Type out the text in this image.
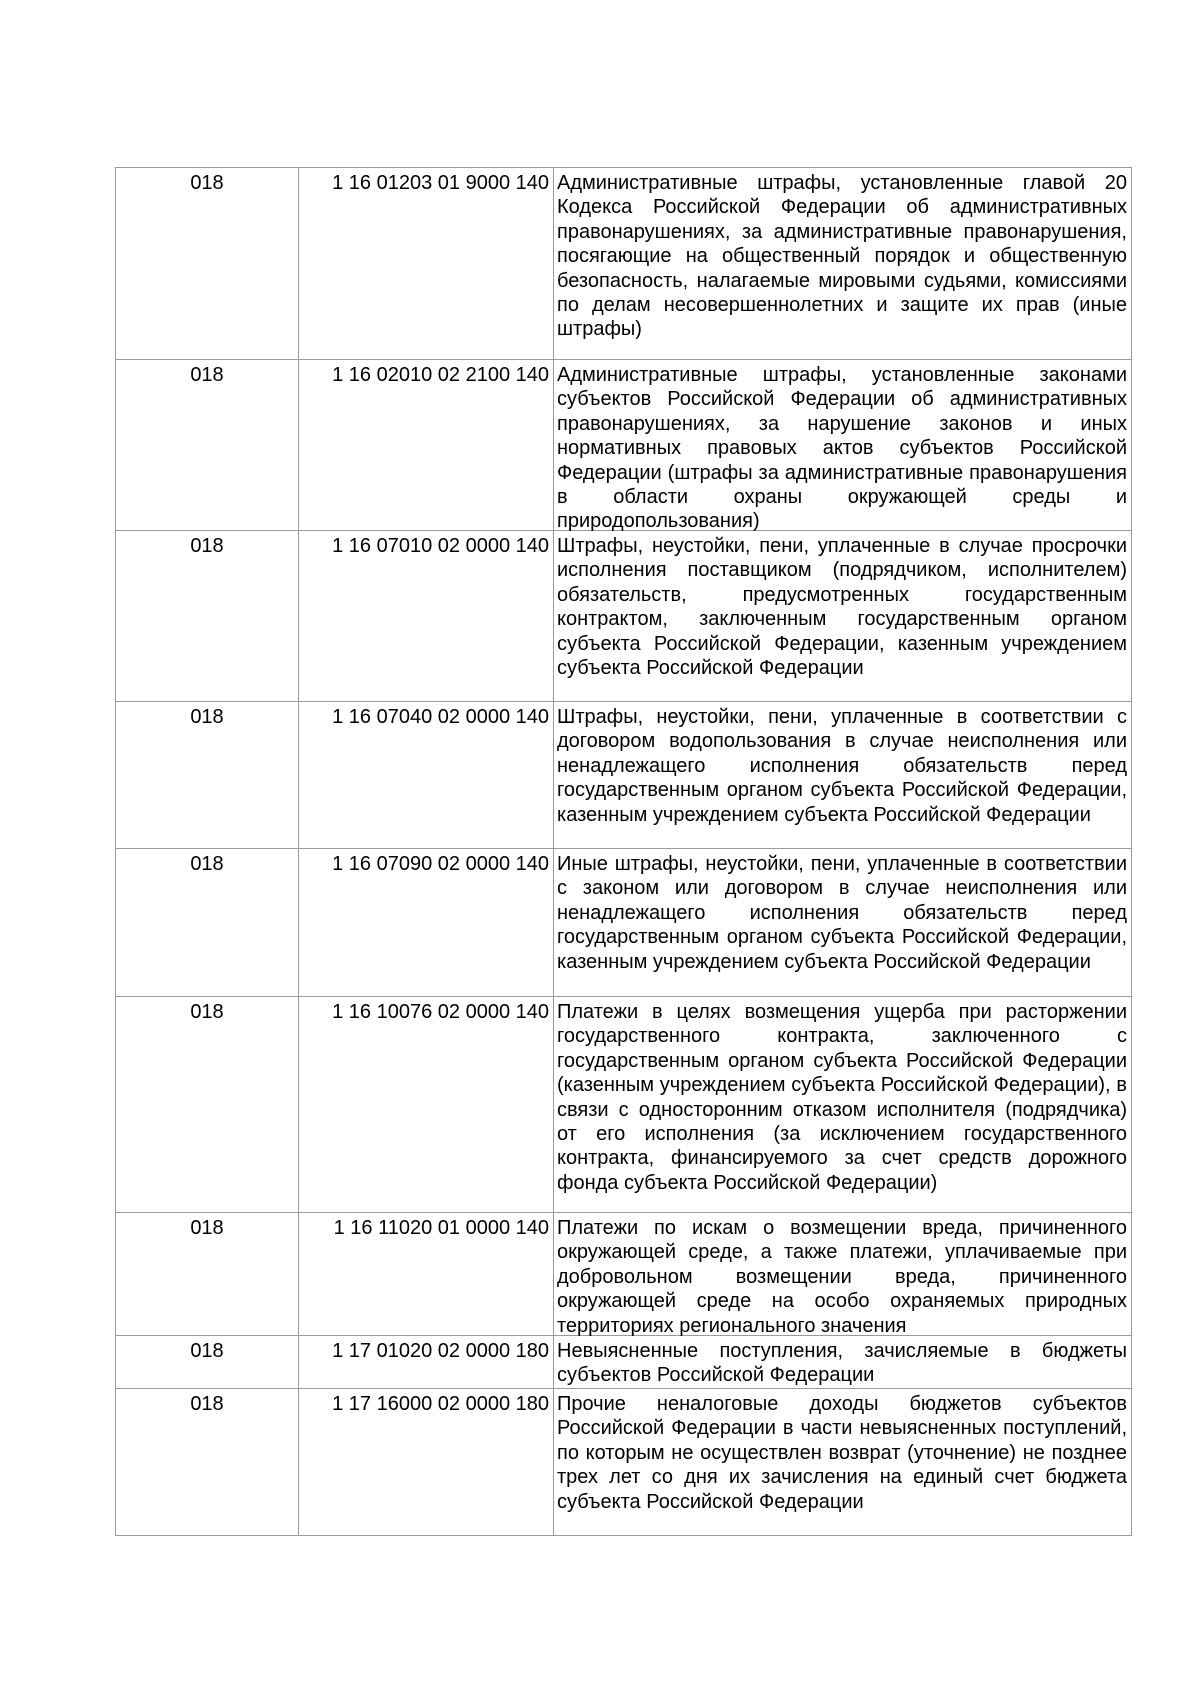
018	1 16 01203 01 9000 140	Административные штрафы, установленные главой 20 Кодекса Российской Федерации об административных правонарушениях, за административные правонарушения, посягающие на общественный порядок и общественную безопасность, налагаемые мировыми судьями, комиссиями по делам несовершеннолетних и защите их прав (иные штрафы)

018	1 16 02010 02 2100 140	Административные штрафы, установленные законами субъектов Российской Федерации об административных правонарушениях, за нарушение законов и иных нормативных правовых актов субъектов Российской Федерации (штрафы за административные правонарушения в области охраны окружающей среды и природопользования)

018	1 16 07010 02 0000 140	Штрафы, неустойки, пени, уплаченные в случае просрочки исполнения поставщиком (подрядчиком, исполнителем) обязательств, предусмотренных государственным контрактом, заключенным государственным органом субъекта Российской Федерации, казенным учреждением субъекта Российской Федерации

018	1 16 07040 02 0000 140	Штрафы, неустойки, пени, уплаченные в соответствии с договором водопользования в случае неисполнения или ненадлежащего исполнения обязательств перед государственным органом субъекта Российской Федерации, казенным учреждением субъекта Российской Федерации

018	1 16 07090 02 0000 140	Иные штрафы, неустойки, пени, уплаченные в соответствии с законом или договором в случае неисполнения или ненадлежащего исполнения обязательств перед государственным органом субъекта Российской Федерации, казенным учреждением субъекта Российской Федерации

018	1 16 10076 02 0000 140	Платежи в целях возмещения ущерба при расторжении государственного контракта, заключенного с государственным органом субъекта Российской Федерации (казенным учреждением субъекта Российской Федерации), в связи с односторонним отказом исполнителя (подрядчика) от его исполнения (за исключением государственного контракта, финансируемого за счет средств дорожного фонда субъекта Российской Федерации)

018	1 16 11020 01 0000 140	Платежи по искам о возмещении вреда, причиненного окружающей среде, а также платежи, уплачиваемые при добровольном возмещении вреда, причиненного окружающей среде на особо охраняемых природных территориях регионального значения

018	1 17 01020 02 0000 180	Невыясненные поступления, зачисляемые в бюджеты субъектов Российской Федерации

018	1 17 16000 02 0000 180	Прочие неналоговые доходы бюджетов субъектов Российской Федерации в части невыясненных поступлений, по которым не осуществлен возврат (уточнение) не позднее трех лет со дня их зачисления на единый счет бюджета субъекта Российской Федерации
